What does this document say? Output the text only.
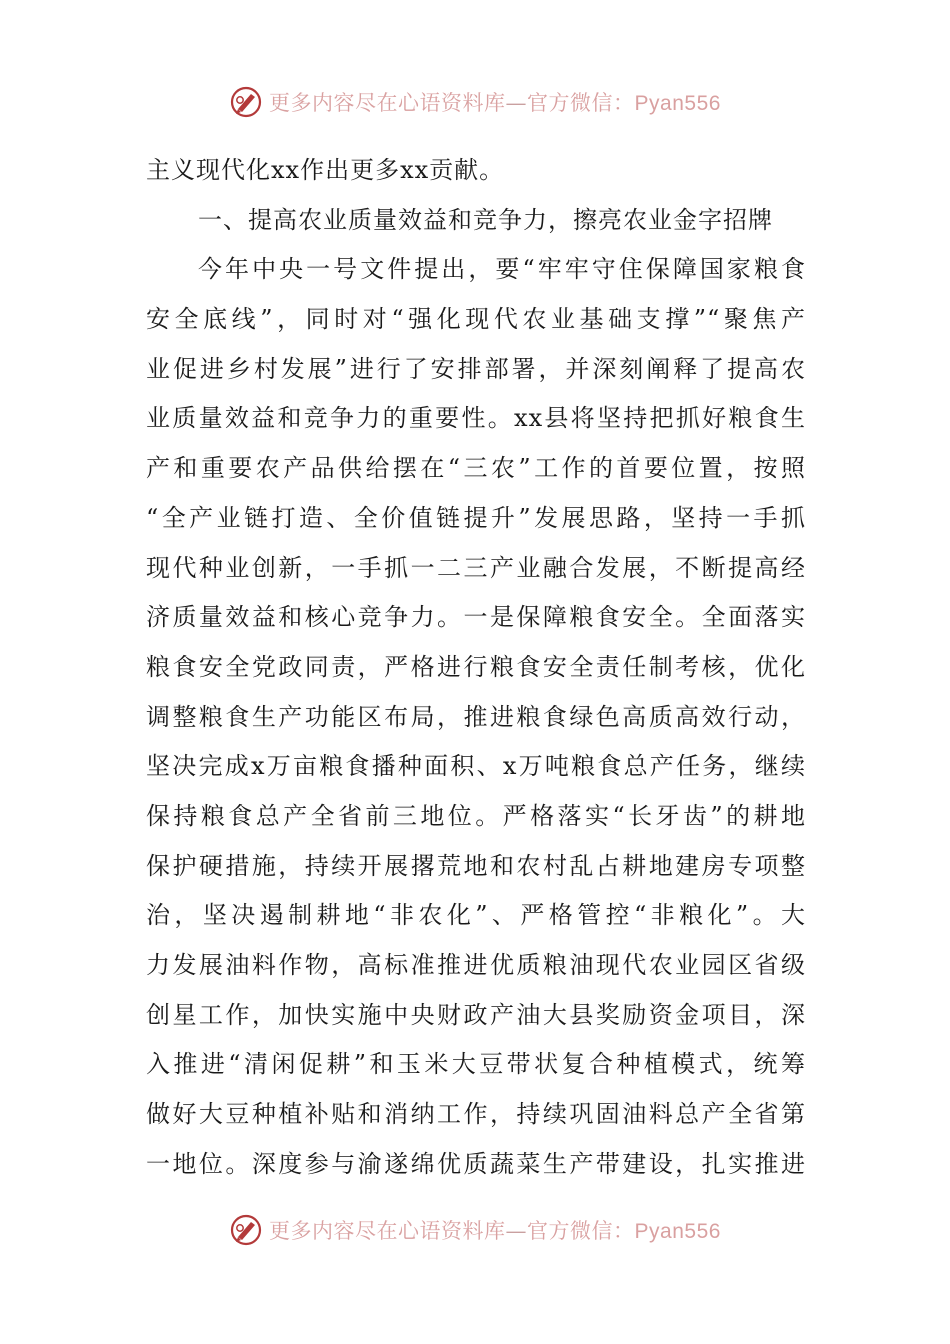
更多内容尽在心语资料库—官方微信：Pyan556
主义现代化xx作出更多xx贡献。
一、提高农业质量效益和竞争力，擦亮农业金字招牌
今年中央一号文件提出，要“牢牢守住保障国家粮食
安全底线”，同时对“强化现代农业基础支撑”“聚焦产
业促进乡村发展”进行了安排部署，并深刻阐释了提高农
业质量效益和竞争力的重要性。xx县将坚持把抓好粮食生
产和重要农产品供给摆在“三农”工作的首要位置，按照
“全产业链打造、全价值链提升”发展思路，坚持一手抓
现代种业创新，一手抓一二三产业融合发展，不断提高经
济质量效益和核心竞争力。一是保障粮食安全。全面落实
粮食安全党政同责，严格进行粮食安全责任制考核，优化
调整粮食生产功能区布局，推进粮食绿色高质高效行动，
坚决完成x万亩粮食播种面积、x万吨粮食总产任务，继续
保持粮食总产全省前三地位。严格落实“长牙齿”的耕地
保护硬措施，持续开展撂荒地和农村乱占耕地建房专项整
治，坚决遏制耕地“非农化”、严格管控“非粮化”。大
力发展油料作物，高标准推进优质粮油现代农业园区省级
创星工作，加快实施中央财政产油大县奖励资金项目，深
入推进“清闲促耕”和玉米大豆带状复合种植模式，统筹
做好大豆种植补贴和消纳工作，持续巩固油料总产全省第
一地位。深度参与渝遂绵优质蔬菜生产带建设，扎实推进
更多内容尽在心语资料库—官方微信：Pyan556
